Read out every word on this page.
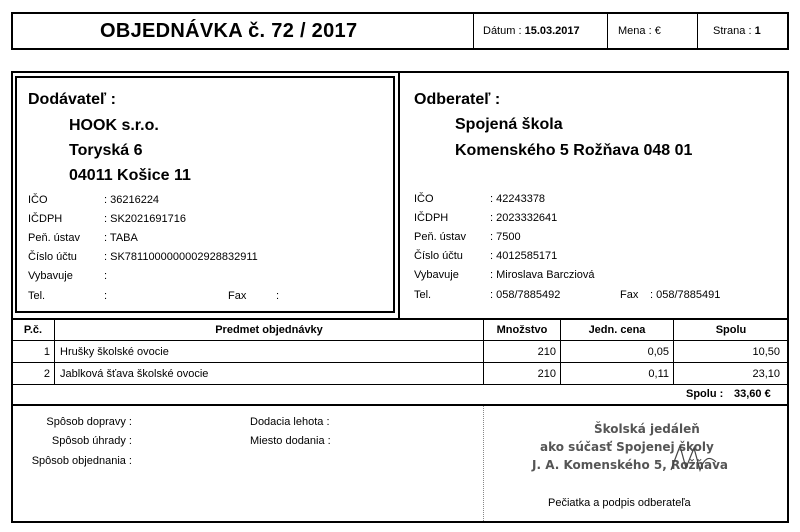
OBJEDNÁVKA č. 72 / 2017	Dátum : 15.03.2017	Mena : €	Strana : 1
Dodávateľ :
HOOK s.r.o.
Toryská 6
04011 Košice 11
IČO	: 36216224
IČDPH	: SK2021691716
Peň. ústav : TABA
Číslo účtu : SK7811000000002928832911
Vybavuje	:
Tel.	:	Fax	:
Odberateľ :
Spojená škola
Komenského 5 Rožňava 048 01
IČO	: 42243378
IČDPH	: 2023332641
Peň. ústav : 7500
Číslo účtu : 4012585171
Vybavuje	: Miroslava Barcziová
Tel.	: 058/7885492	Fax : 058/7885491
P.č.	Predmet objednávky	Množstvo	Jedn. cena	Spolu
1 Hrušky školské ovocie	210	0,05	10,50
2 Jablková šťava školské ovocie	210	0,11	23,10
Spolu : 33,60 €
Spôsob dopravy :
Spôsob úhrady :
Spôsob objednania :
Dodacia lehota :
Miesto dodania :
Školská jedáleň
ako súčasť Spojenej školy
J. A. Komenského 5, Rožňava
Pečiatka a podpis odberateľa
